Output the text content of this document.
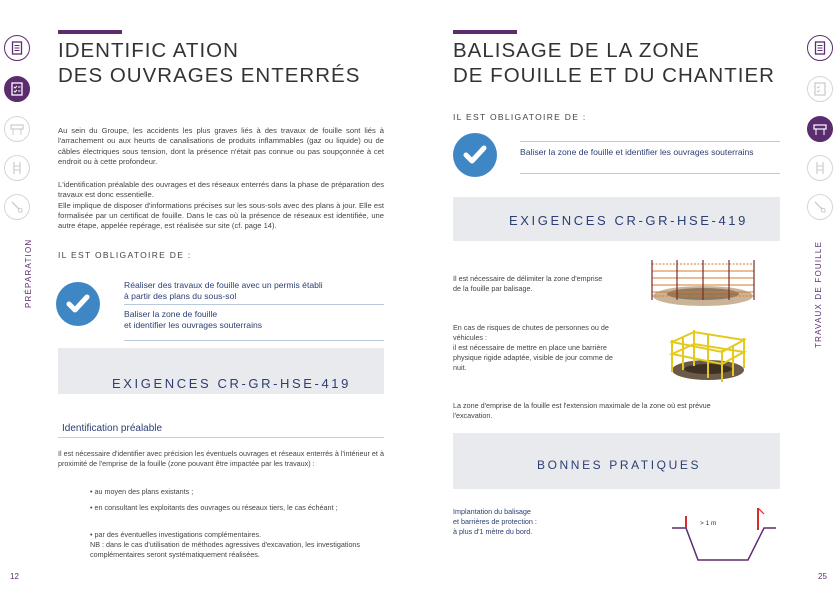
IDENTIFIC ATION
DES OUVRAGES ENTERRÉS
PRÉPARATION
Au sein du Groupe, les accidents les plus graves liés à des travaux de fouille sont liés à l'arrachement ou aux heurts de canalisations de produits inflammables (gaz ou liquide) ou de câbles électriques sous tension, dont la présence n'était pas connue ou pas soupçonnée à cet endroit ou à cette profondeur.
L'identification préalable des ouvrages et des réseaux enterrés dans la phase de préparation des travaux est donc essentielle.
Elle implique de disposer d'informations précises sur les sous-sols avec des plans à jour. Elle est formalisée par un certificat de fouille. Dans le cas où la présence de réseaux est identifiée, une autre étape, appelée repérage, est réalisée sur site (cf. page 14).
IL EST OBLIGATOIRE DE :
Réaliser des travaux de fouille avec un permis établi
à partir des plans du sous-sol
Baliser la zone de fouille
et identifier les ouvrages souterrains
EXIGENCES CR-GR-HSE-419
Identification préalable
Il est nécessaire d'identifier avec précision les éventuels ouvrages et réseaux enterrés à l'intérieur et à proximité de l'emprise de la fouille (zone pouvant être impactée par les travaux) :
• au moyen des plans existants ;
• en consultant les exploitants des ouvrages ou réseaux tiers, le cas échéant ;
• par des éventuelles investigations complémentaires.
NB : dans le cas d'utilisation de méthodes agressives d'excavation, les investigations complémentaires seront systématiquement réalisées.
12
BALISAGE DE LA ZONE
DE FOUILLE ET DU CHANTIER
TRAVAUX DE FOUILLE
IL EST OBLIGATOIRE DE :
Baliser la zone de fouille et identifier les ouvrages souterrains
EXIGENCES CR-GR-HSE-419
Il est nécessaire de délimiter la zone d'emprise de la fouille par balisage.
En cas de risques de chutes de personnes ou de véhicules :
il est nécessaire de mettre en place une barrière physique rigide adaptée, visible de jour comme de nuit.
La zone d'emprise de la fouille est l'extension maximale de la zone où est prévue l'excavation.
BONNES PRATIQUES
Implantation du balisage
et barrières de protection :
à plus d'1 mètre du bord.
> 1 m
25
